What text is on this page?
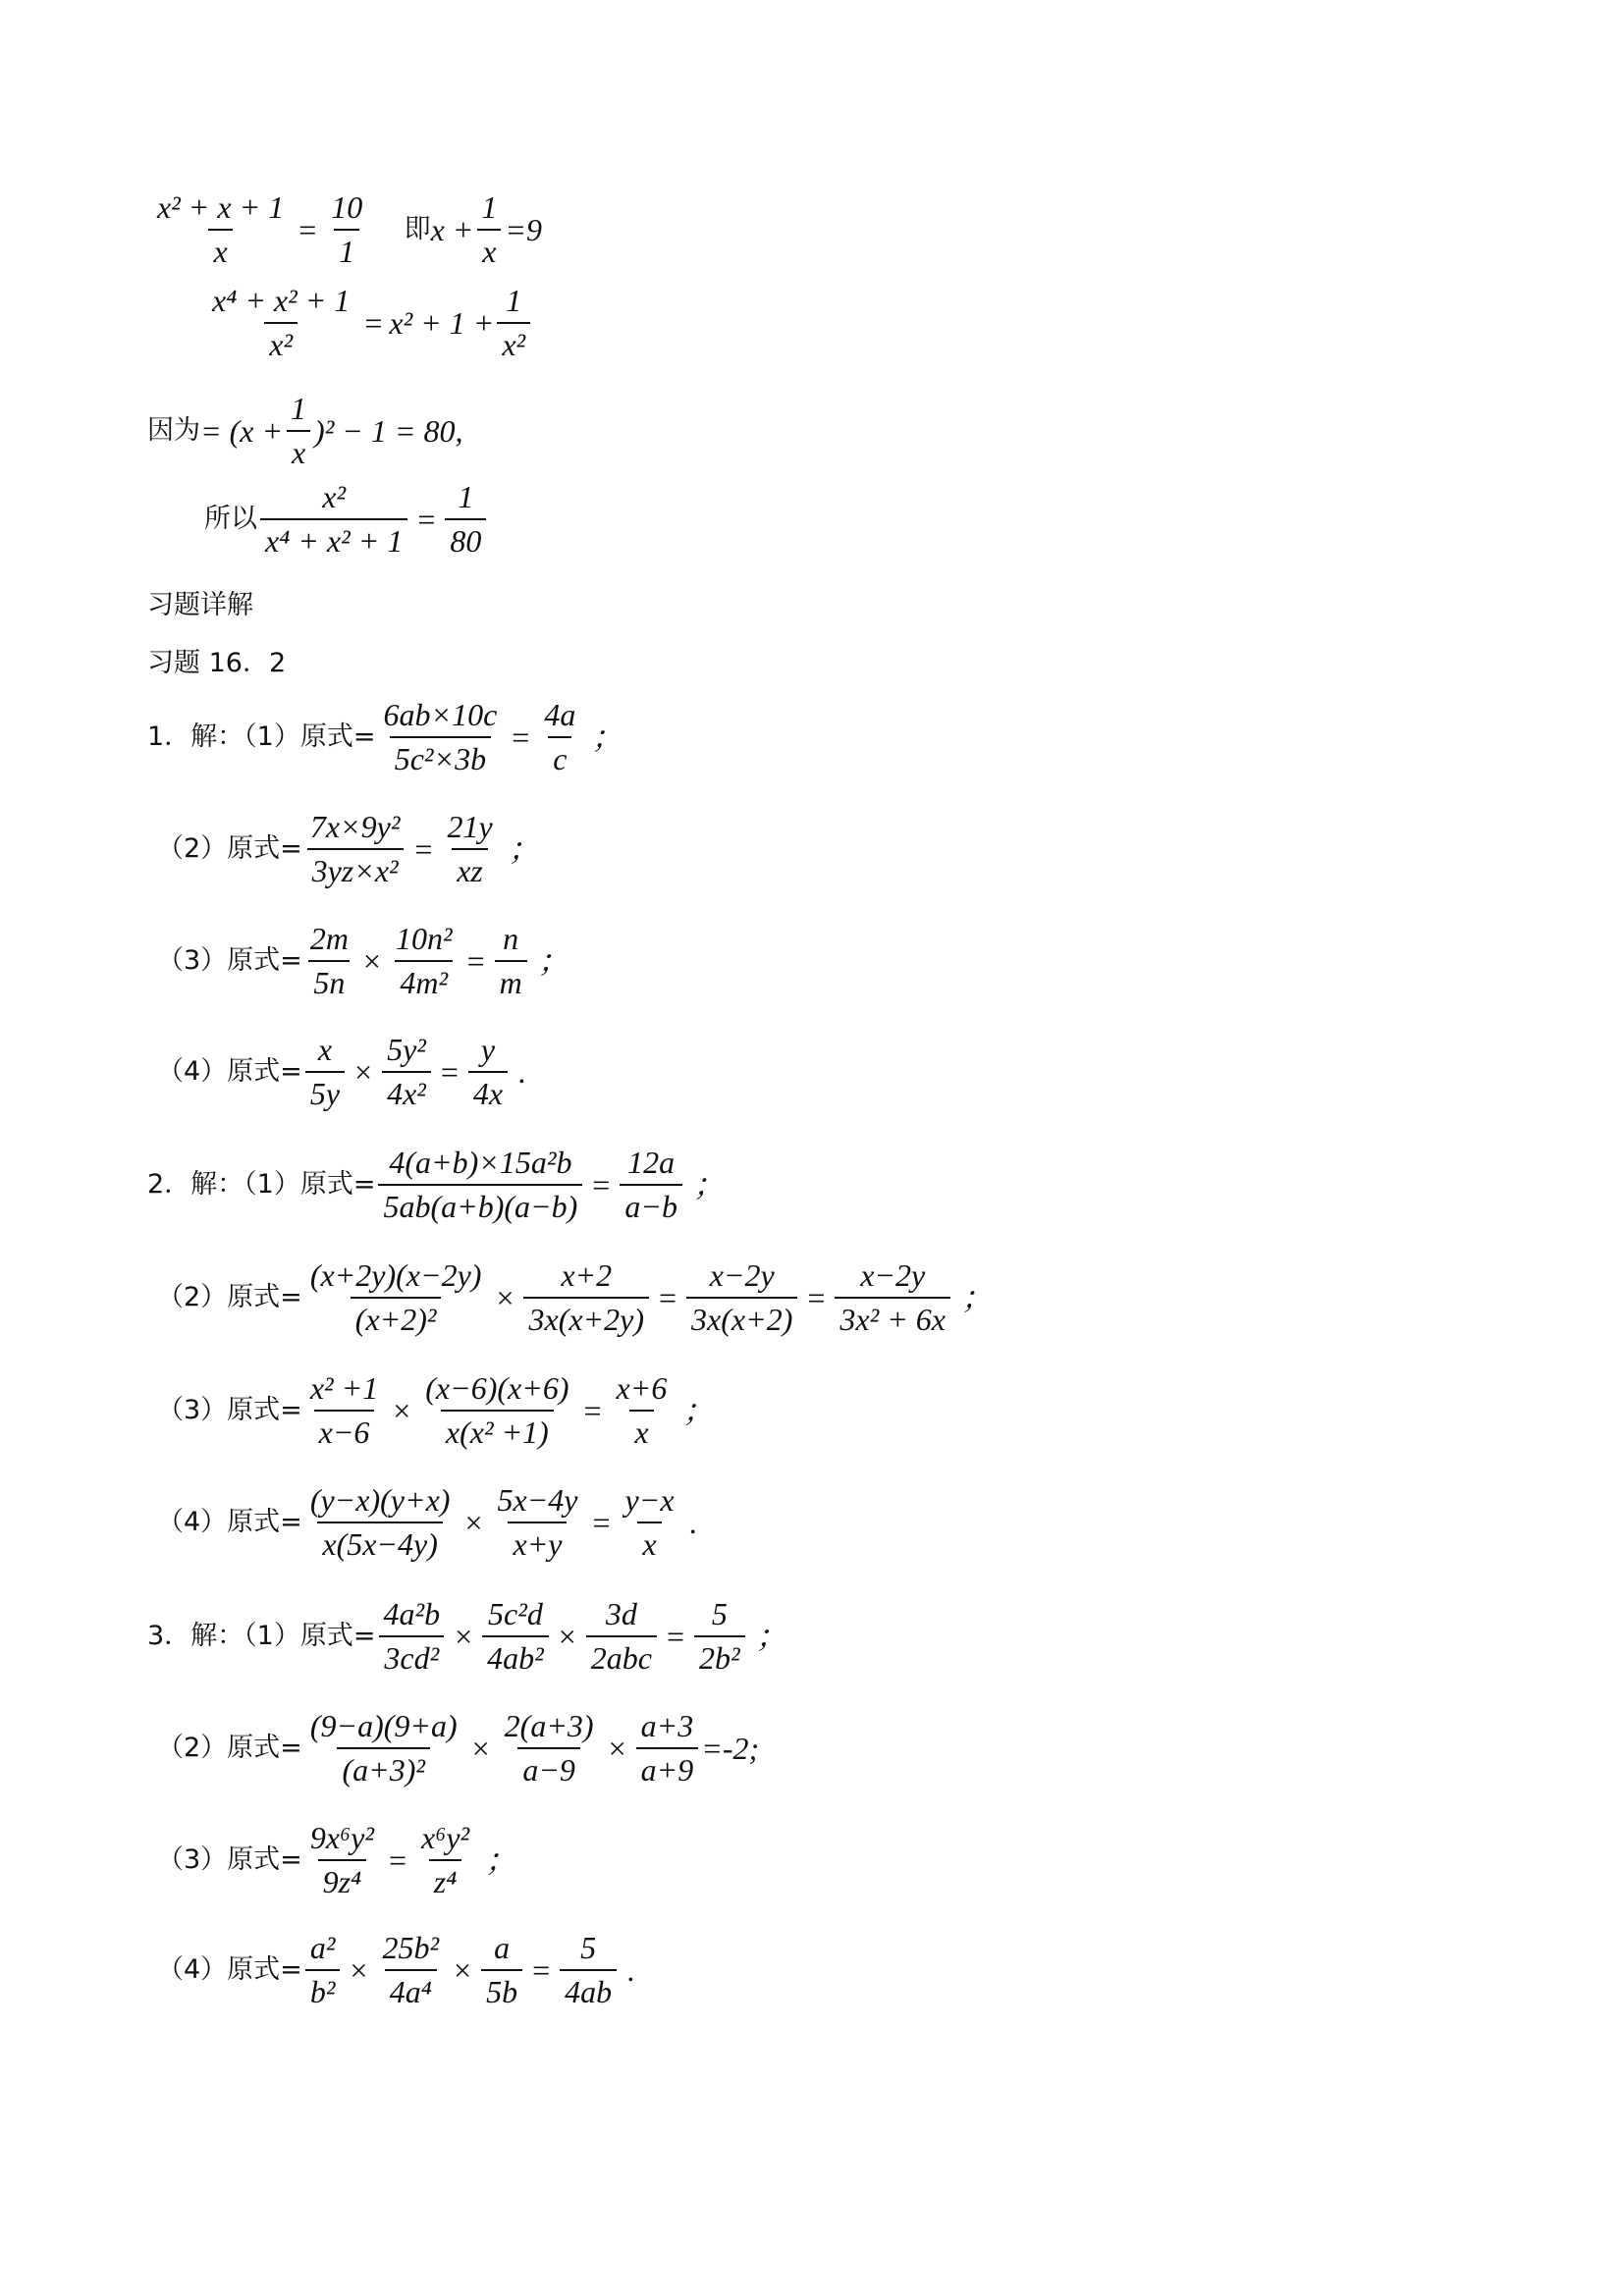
$\frac{\text{x² + x + 1}}{x} = \frac{10}{1}$ 即 $x + \frac{1}{x} =9$
$\frac{\text{x⁴ + x² + 1}}{\text{x²}} = x^2 + 1 + \frac{1}{\text{x²}}$
因为 = $(x + \frac{1}{x} )^2 - 1 = 80$,
所以 $\frac{\text{x²}}{\text{x⁴ + x² + 1}} = \frac{1}{80}$
习题详解
习题 16．2
1．解：（1）原式= $\frac{6ab\times 10c}{\text{5c²×3b}} = \frac{4a}{c}$ ；
（2）原式= $\frac{\text{7x×9y²}}{\text{3yz×x²}} = \frac{21y}{xz}$ ；
（3）原式= $\frac{2m}{5n} \times \frac{\text{10n²}}{\text{4m²}} = \frac{n}{m}$ ；
（4）原式= $\frac{x}{5y} \times \frac{\text{5y²}}{\text{4x²}} = \frac{y}{4x}$ .
2．解：（1）原式= $\frac{\text{4(a+b)×15a²b}}{5ab(a+b)(a-b)} = \frac{12a}{a-b}$ ；
（2）原式= $\frac{(x+2y)(x-2y)}{\text{(x+2)²}} \times \frac{x+2}{3x(x+2y)} = \frac{x-2y}{3x(x+2)} = \frac{x-2y}{\text{3x² + 6x}}$ ；
（3）原式= $\frac{\text{x² +1}}{x-6} \times \frac{(x-6)(x+6)}{\text{x(x² +1)}} = \frac{x+6}{x}$ ；
（4）原式= $\frac{(y-x)(y+x)}{x(5x-4y)} \times \frac{5x-4y}{x+y} = \frac{y-x}{x}$ .
3．解：（1）原式= $\frac{\text{4a²b}}{\text{3cd²}} \times \frac{\text{5c²d}}{\text{4ab²}} \times \frac{3d}{\text{2abc}} = \frac{5}{\text{2b²}}$ ；
（2）原式= $\frac{(9-a)(9+a)}{\text{(a+3)²}} \times \frac{2(a+3)}{a-9} \times \frac{a+3}{a+9} =-2$;
（3）原式= $\frac{\text{9x⁶y²}}{\text{9z⁴}} = \frac{\text{x⁶y²}}{\text{z⁴}}$ ；
（4）原式= $\frac{\text{a²}}{\text{b²}} \times \frac{\text{25b²}}{\text{4a⁴}} \times \frac{a}{5b} = \frac{5}{4ab}$ .
